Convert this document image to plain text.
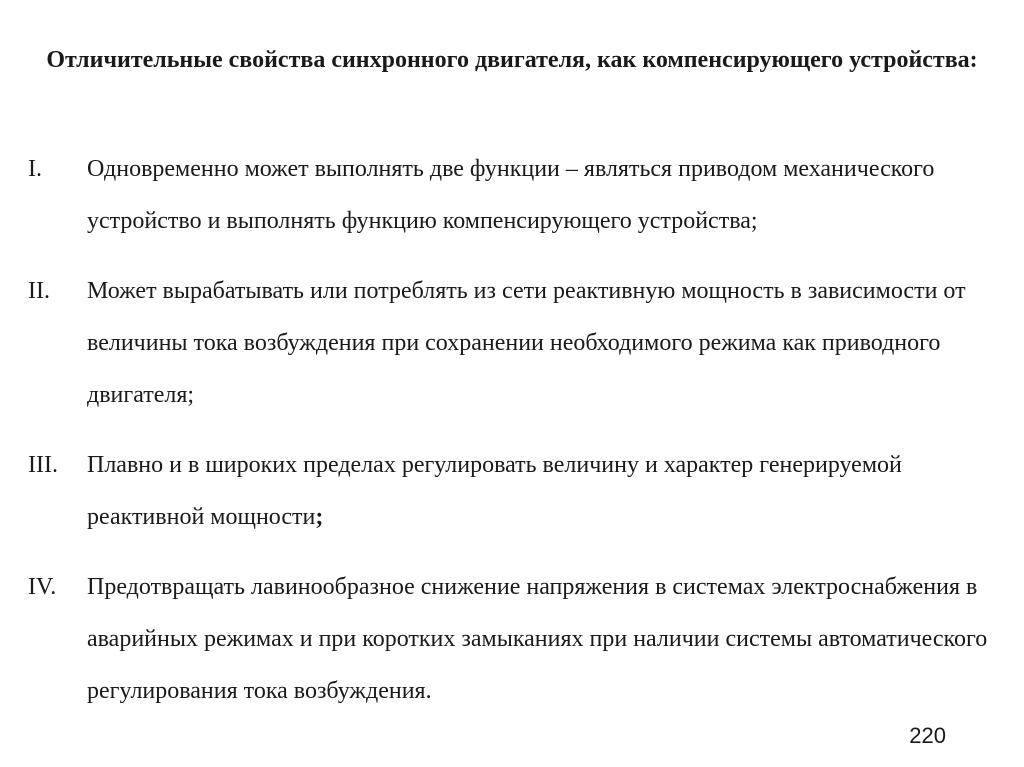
Отличительные свойства синхронного двигателя, как компенсирующего устройства:
I. Одновременно может выполнять две функции – являться приводом механического устройство и выполнять функцию компенсирующего устройства;
II. Может вырабатывать или потреблять из сети реактивную мощность в зависимости от величины тока возбуждения при сохранении необходимого режима как приводного двигателя;
III. Плавно и в широких пределах регулировать величину и характер генерируемой реактивной мощности;
IV. Предотвращать лавинообразное снижение напряжения в системах электроснабжения в аварийных режимах и при коротких замыканиях при наличии системы автоматического регулирования тока возбуждения.
220
